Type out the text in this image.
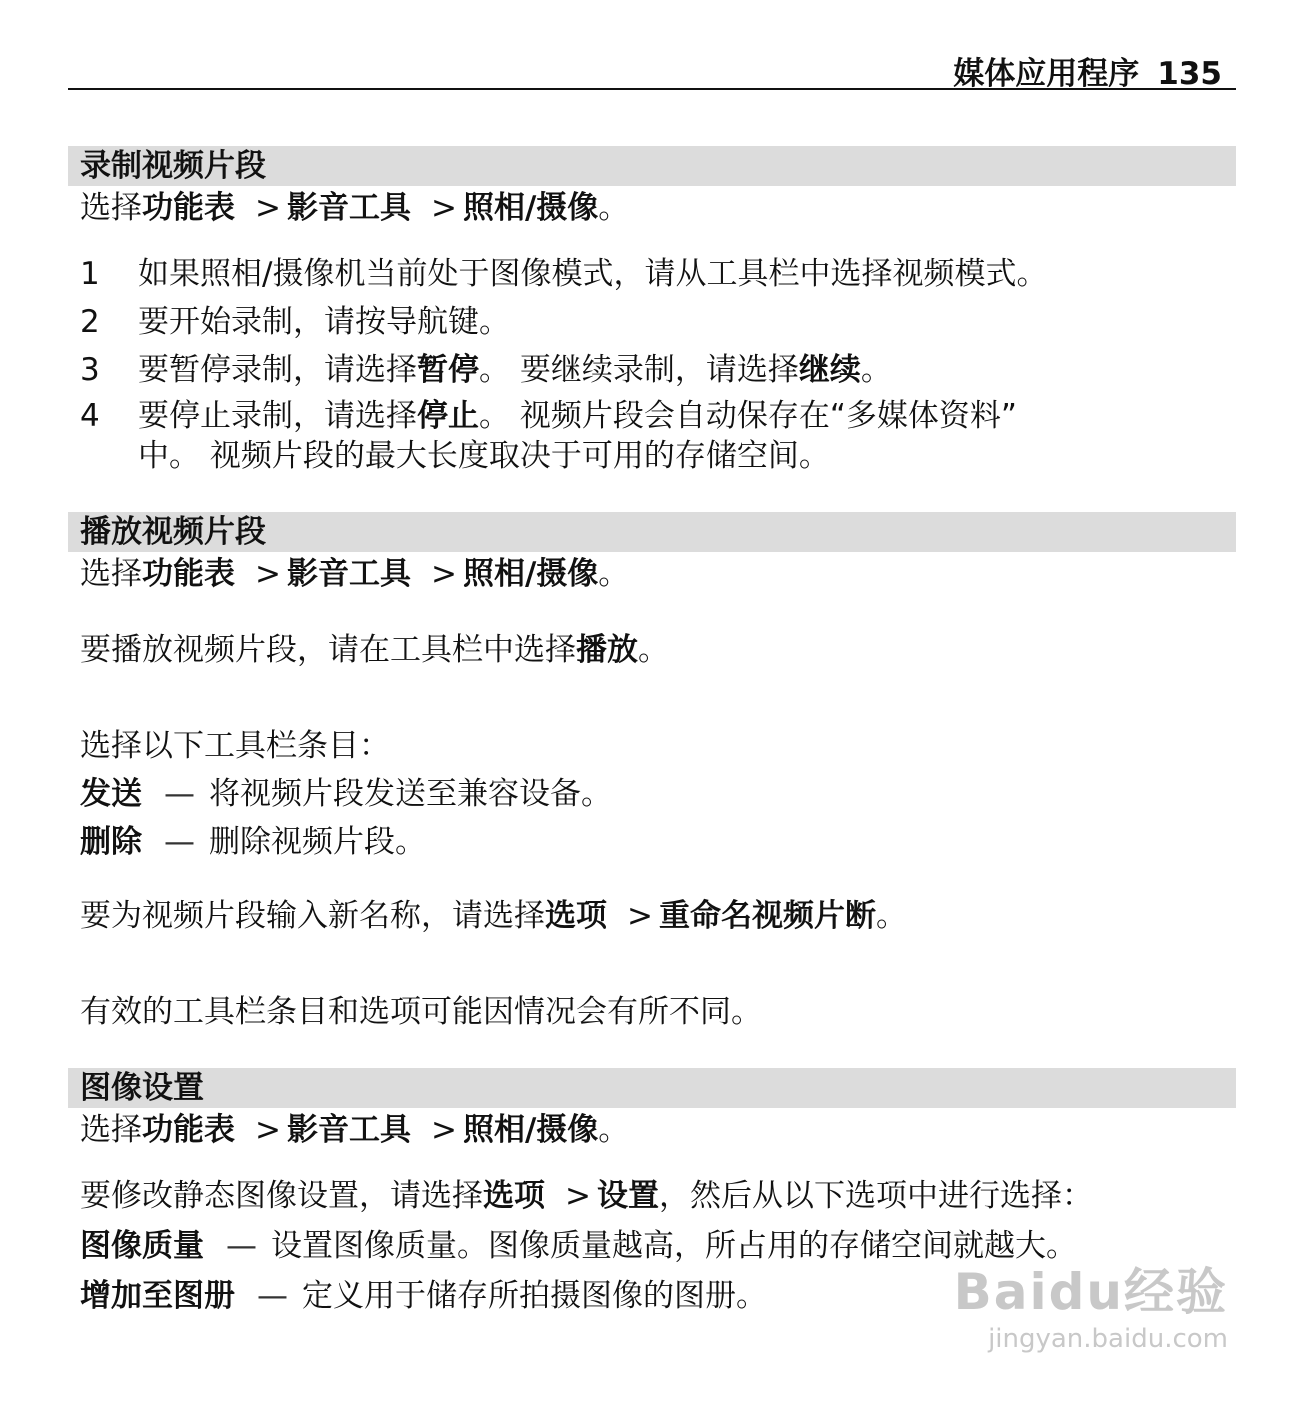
媒体应用程序 135
录制视频片段

选择功能表 > 影音工具 > 照相/摄像。

1 如果照相/摄像机当前处于图像模式，请从工具栏中选择视频模式。
2 要开始录制，请按导航键。
3 要暂停录制，请选择暂停。 要继续录制，请选择继续。
4 要停止录制，请选择停止。 视频片段会自动保存在“多媒体资料”
中。 视频片段的最大长度取决于可用的存储空间。
播放视频片段

选择功能表 > 影音工具 > 照相/摄像。

要播放视频片段，请在工具栏中选择播放。

选择以下工具栏条目：

发送 — 将视频片段发送至兼容设备。

删除 — 删除视频片段。

要为视频片段输入新名称，请选择选项 > 重命名视频片断。

有效的工具栏条目和选项可能因情况会有所不同。

图像设置

选择功能表 > 影音工具 > 照相/摄像。

要修改静态图像设置，请选择选项 > 设置，然后从以下选项中进行选择：

图像质量 — 设置图像质量。图像质量越高，所占用的存储空间就越大。

增加至图册 — 定义用于储存所拍摄图像的图册。	Baidu经验
jingyan.baidu.com
